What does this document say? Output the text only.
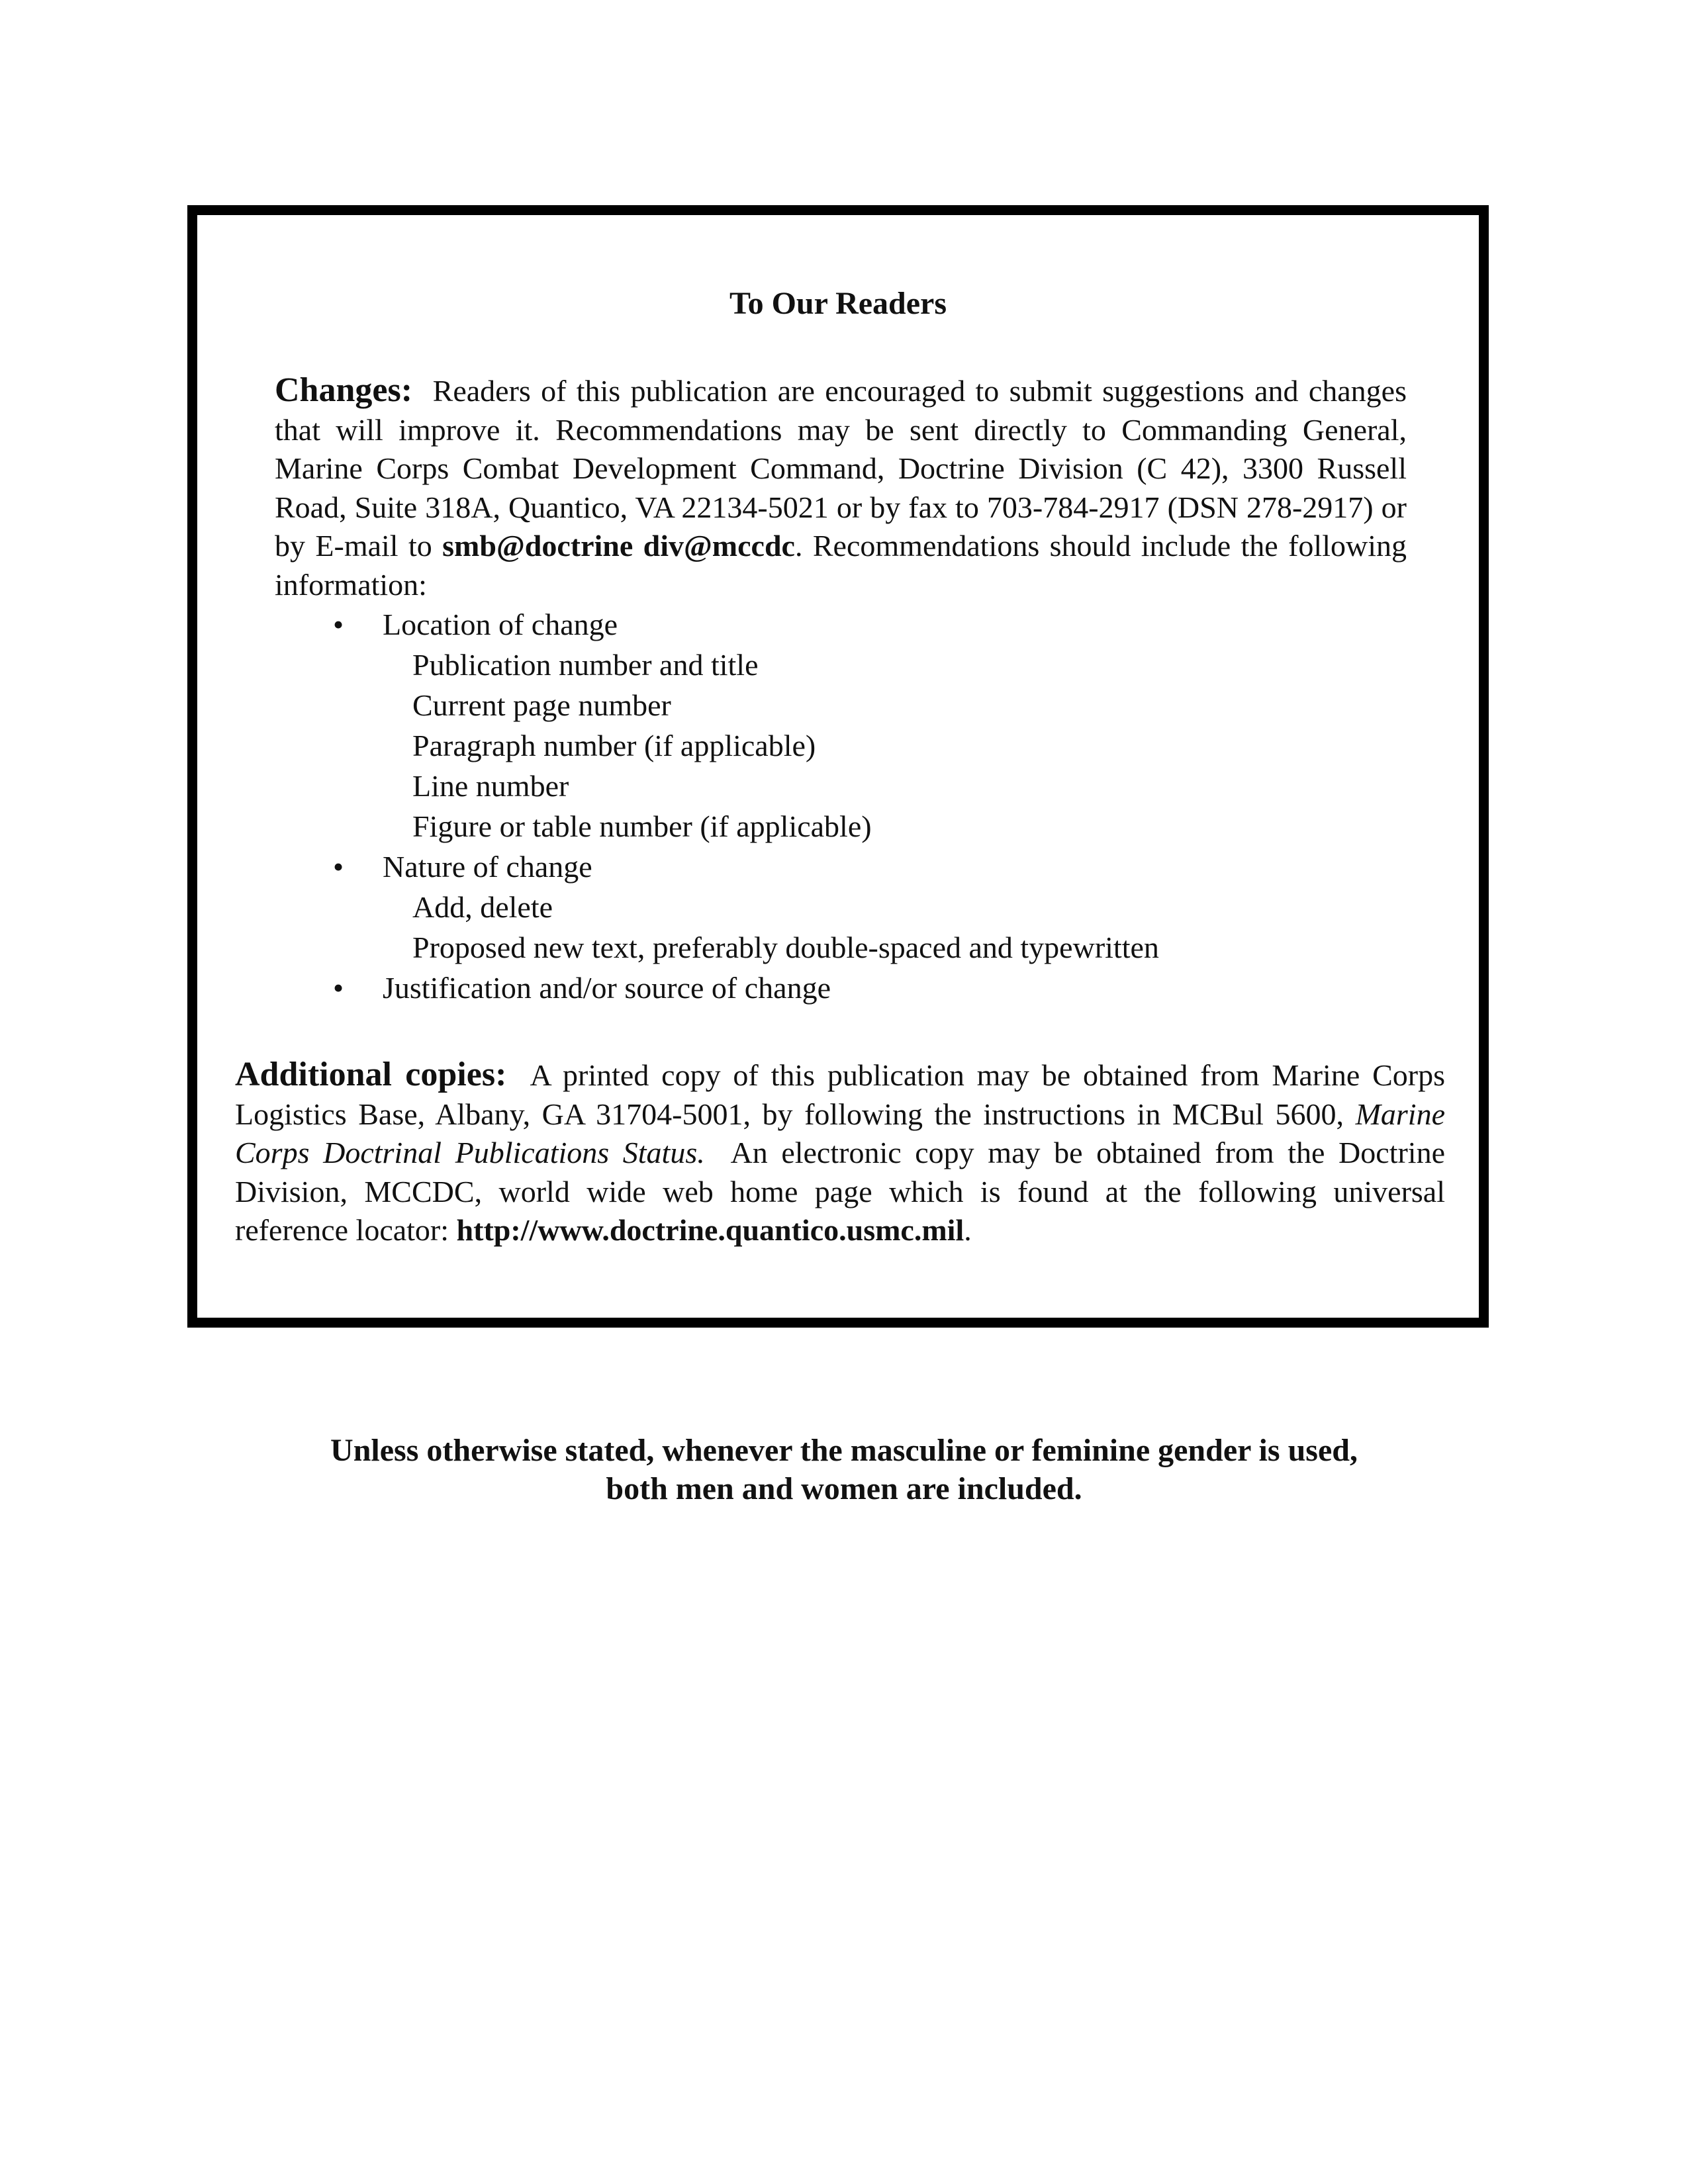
To Our Readers

Changes: Readers of this publication are encouraged to submit suggestions and changes that will improve it. Recommendations may be sent directly to Commanding General, Marine Corps Combat Development Command, Doctrine Division (C 42), 3300 Russell Road, Suite 318A, Quantico, VA 22134-5021 or by fax to 703-784-2917 (DSN 278-2917) or by E-mail to smb@doctrine div@mccdc. Recommendations should include the following information:

• Location of change
Publication number and title
Current page number
Paragraph number (if applicable)
Line number
Figure or table number (if applicable)
• Nature of change
Add, delete
Proposed new text, preferably double-spaced and typewritten
• Justification and/or source of change

Additional copies: A printed copy of this publication may be obtained from Marine Corps Logistics Base, Albany, GA 31704-5001, by following the instructions in MCBul 5600, Marine Corps Doctrinal Publications Status. An electronic copy may be obtained from the Doctrine Division, MCCDC, world wide web home page which is found at the following universal reference locator: http://www.doctrine.quantico.usmc.mil.

Unless otherwise stated, whenever the masculine or feminine gender is used,
both men and women are included.
